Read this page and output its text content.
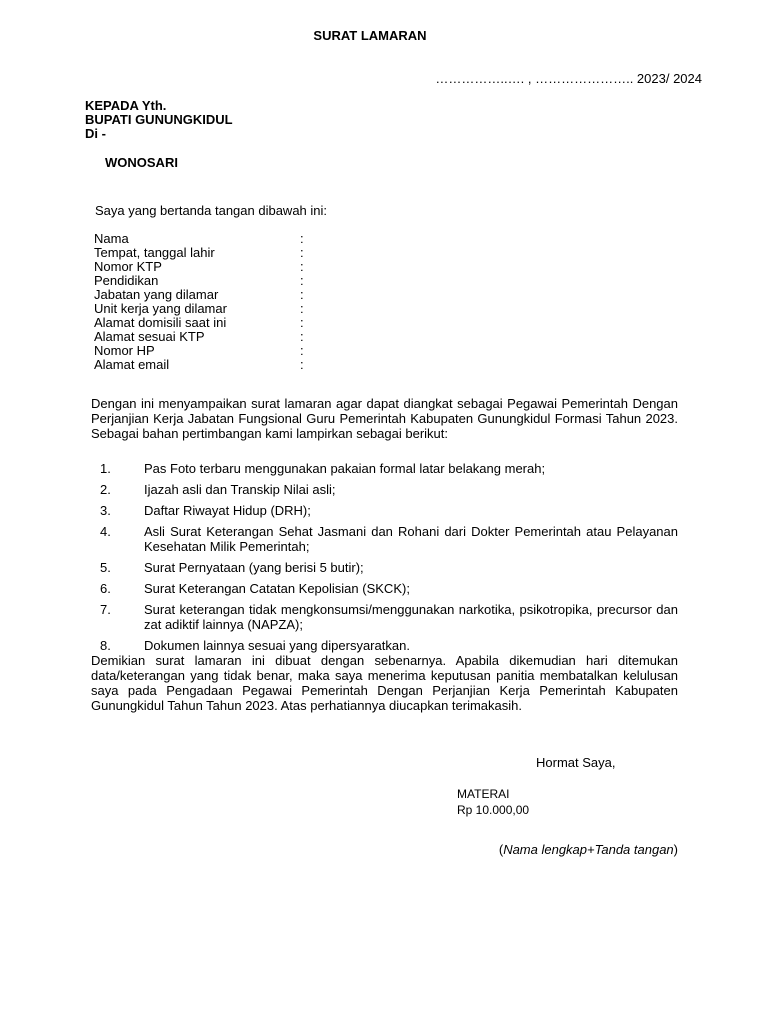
SURAT LAMARAN
……………..…. , ………………….. 2023/ 2024
KEPADA Yth.
BUPATI GUNUNGKIDUL
Di -
WONOSARI
Saya yang bertanda tangan dibawah ini:
Nama	:
Tempat, tanggal lahir	:
Nomor KTP	:
Pendidikan	:
Jabatan yang dilamar	:
Unit kerja yang dilamar	:
Alamat domisili saat ini	:
Alamat sesuai KTP	:
Nomor HP	:
Alamat email	:
Dengan ini menyampaikan surat lamaran agar dapat diangkat sebagai Pegawai Pemerintah Dengan Perjanjian Kerja Jabatan Fungsional Guru Pemerintah Kabupaten Gunungkidul Formasi Tahun 2023. Sebagai bahan pertimbangan kami lampirkan sebagai berikut:
1.	Pas Foto terbaru menggunakan pakaian formal latar belakang merah;
2.	Ijazah asli dan Transkip Nilai asli;
3.	Daftar Riwayat Hidup (DRH);
4.	Asli Surat Keterangan Sehat Jasmani dan Rohani dari Dokter Pemerintah atau Pelayanan Kesehatan Milik Pemerintah;
5.	Surat Pernyataan (yang berisi 5 butir);
6.	Surat Keterangan Catatan Kepolisian (SKCK);
7.	Surat keterangan tidak mengkonsumsi/menggunakan narkotika, psikotropika, precursor dan zat adiktif lainnya (NAPZA);
8.	Dokumen lainnya sesuai yang dipersyaratkan.
Demikian surat lamaran ini dibuat dengan sebenarnya. Apabila dikemudian hari ditemukan data/keterangan yang tidak benar, maka saya menerima keputusan panitia membatalkan kelulusan saya pada Pengadaan Pegawai Pemerintah Dengan Perjanjian Kerja Pemerintah Kabupaten Gunungkidul Tahun Tahun 2023. Atas perhatiannya diucapkan terimakasih.
Hormat Saya,
MATERAI
Rp 10.000,00
(Nama lengkap+Tanda tangan)
